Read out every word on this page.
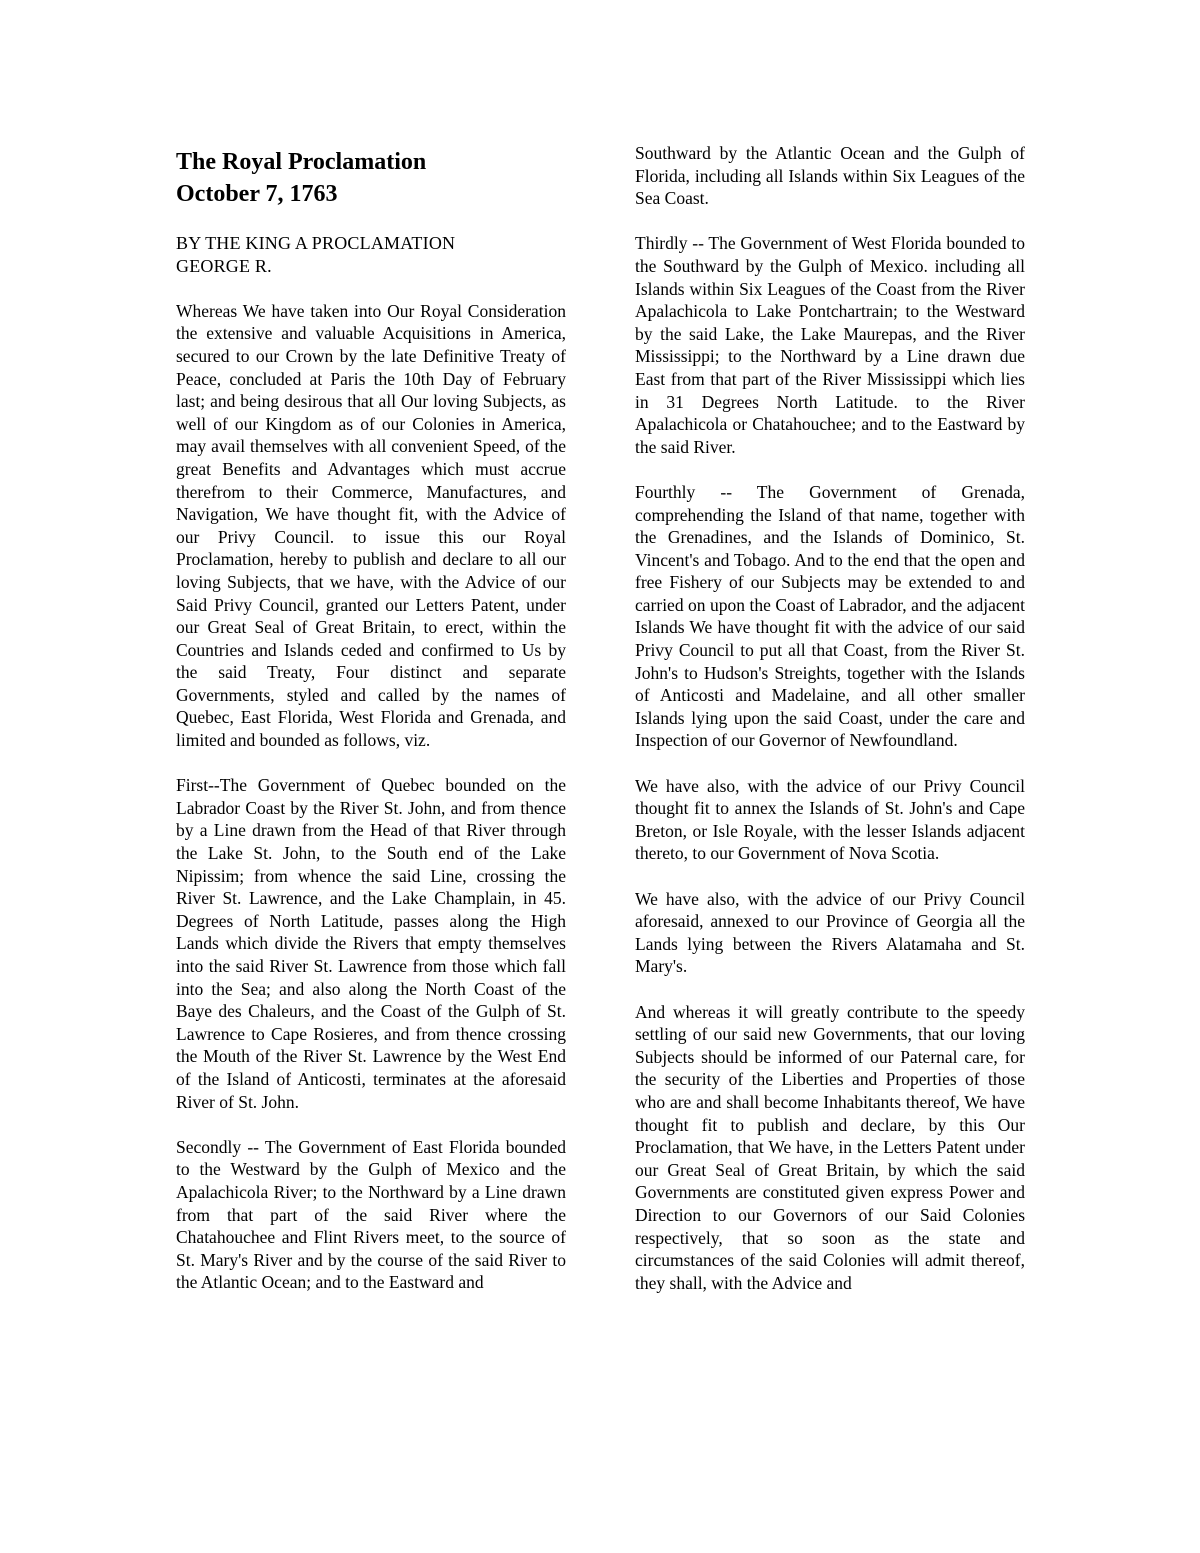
The Royal Proclamation
October 7, 1763
BY THE KING A PROCLAMATION
GEORGE R.

Whereas We have taken into Our Royal Consideration the extensive and valuable Acquisitions in America, secured to our Crown by the late Definitive Treaty of Peace, concluded at Paris the 10th Day of February last; and being desirous that all Our loving Subjects, as well of our Kingdom as of our Colonies in America, may avail themselves with all convenient Speed, of the great Benefits and Advantages which must accrue therefrom to their Commerce, Manufactures, and Navigation, We have thought fit, with the Advice of our Privy Council. to issue this our Royal Proclamation, hereby to publish and declare to all our loving Subjects, that we have, with the Advice of our Said Privy Council, granted our Letters Patent, under our Great Seal of Great Britain, to erect, within the Countries and Islands ceded and confirmed to Us by the said Treaty, Four distinct and separate Governments, styled and called by the names of Quebec, East Florida, West Florida and Grenada, and limited and bounded as follows, viz.

First--The Government of Quebec bounded on the Labrador Coast by the River St. John, and from thence by a Line drawn from the Head of that River through the Lake St. John, to the South end of the Lake Nipissim; from whence the said Line, crossing the River St. Lawrence, and the Lake Champlain, in 45. Degrees of North Latitude, passes along the High Lands which divide the Rivers that empty themselves into the said River St. Lawrence from those which fall into the Sea; and also along the North Coast of the Baye des Chaleurs, and the Coast of the Gulph of St. Lawrence to Cape Rosieres, and from thence crossing the Mouth of the River St. Lawrence by the West End of the Island of Anticosti, terminates at the aforesaid River of St. John.

Secondly -- The Government of East Florida bounded to the Westward by the Gulph of Mexico and the Apalachicola River; to the Northward by a Line drawn from that part of the said River where the Chatahouchee and Flint Rivers meet, to the source of St. Mary's River and by the course of the said River to the Atlantic Ocean; and to the Eastward and

Southward by the Atlantic Ocean and the Gulph of Florida, including all Islands within Six Leagues of the Sea Coast.

Thirdly -- The Government of West Florida bounded to the Southward by the Gulph of Mexico. including all Islands within Six Leagues of the Coast from the River Apalachicola to Lake Pontchartrain; to the Westward by the said Lake, the Lake Maurepas, and the River Mississippi; to the Northward by a Line drawn due East from that part of the River Mississippi which lies in 31 Degrees North Latitude. to the River Apalachicola or Chatahouchee; and to the Eastward by the said River.

Fourthly -- The Government of Grenada, comprehending the Island of that name, together with the Grenadines, and the Islands of Dominico, St. Vincent's and Tobago. And to the end that the open and free Fishery of our Subjects may be extended to and carried on upon the Coast of Labrador, and the adjacent Islands We have thought fit with the advice of our said Privy Council to put all that Coast, from the River St. John's to Hudson's Streights, together with the Islands of Anticosti and Madelaine, and all other smaller Islands lying upon the said Coast, under the care and Inspection of our Governor of Newfoundland.

We have also, with the advice of our Privy Council thought fit to annex the Islands of St. John's and Cape Breton, or Isle Royale, with the lesser Islands adjacent thereto, to our Government of Nova Scotia.

We have also, with the advice of our Privy Council aforesaid, annexed to our Province of Georgia all the Lands lying between the Rivers Alatamaha and St. Mary's.

And whereas it will greatly contribute to the speedy settling of our said new Governments, that our loving Subjects should be informed of our Paternal care, for the security of the Liberties and Properties of those who are and shall become Inhabitants thereof, We have thought fit to publish and declare, by this Our Proclamation, that We have, in the Letters Patent under our Great Seal of Great Britain, by which the said Governments are constituted given express Power and Direction to our Governors of our Said Colonies respectively, that so soon as the state and circumstances of the said Colonies will admit thereof, they shall, with the Advice and
